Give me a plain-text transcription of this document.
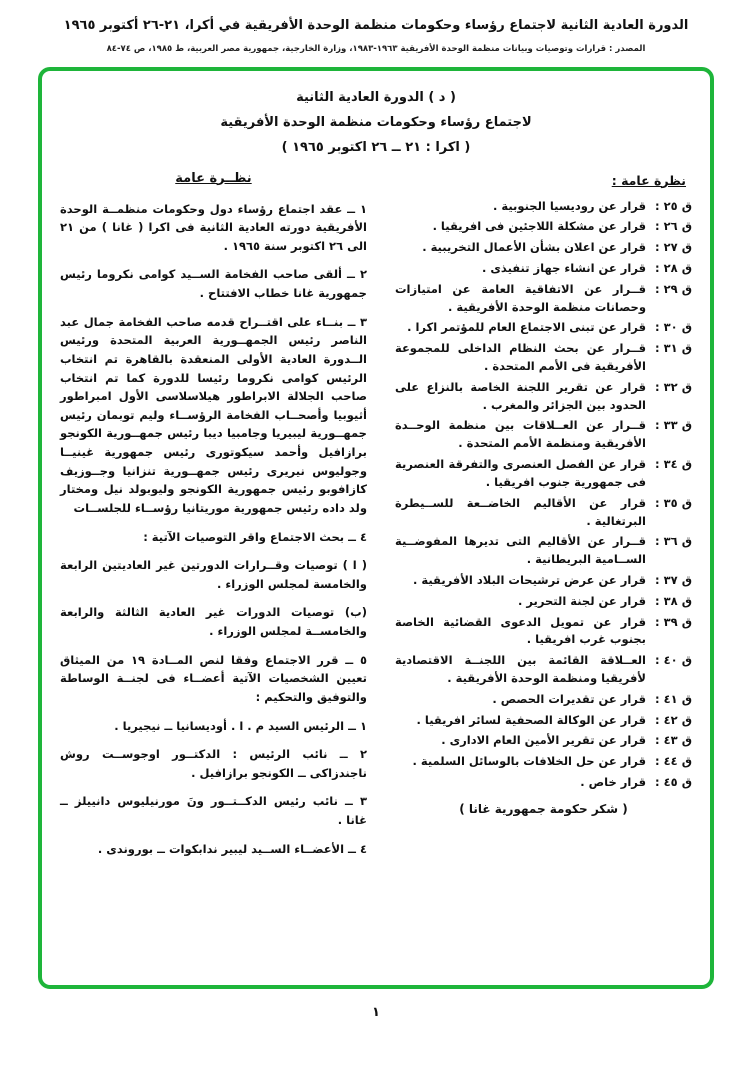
الدورة العادية الثانية لاجتماع رؤساء وحكومات منظمة الوحدة الأفريقية في أكرا، ٢١-٢٦ أكتوبر ١٩٦٥
المصدر : قرارات وتوصيات وبيانات منظمة الوحدة الأفريقية ١٩٦٣-١٩٨٣، وزارة الخارجية، جمهورية مصر العربية، ط ١٩٨٥، ص ٧٤-٨٤
( د ) الدورة العادية الثانية
لاجتماع رؤساء وحكومات منظمة الوحدة الأفريقية
( اكرا : ٢١ ــ ٢٦ اكتوبر ١٩٦٥ )
نظرة عامة :
ق ٢٥ :
قرار عن روديسيا الجنوبية .
ق ٢٦ :
قرار عن مشكلة اللاجئين فى افريقيا .
ق ٢٧ :
قرار عن اعلان بشأن الأعمال التخريبية .
ق ٢٨ :
قرار عن انشاء جهاز تنفيذى .
ق ٢٩ :
قــرار عن الاتفاقية العامة عن امتيازات وحصانات منظمة الوحدة الأفريقية .
ق ٣٠ :
قرار عن تبنى الاجتماع العام للمؤتمر اكرا .
ق ٣١ :
قــرار عن بحث النظام الداخلى للمجموعة الأفريقية فى الأمم المتحدة .
ق ٣٢ :
قرار عن تقرير اللجنة الخاصة بالنزاع على الحدود بين الجزائر والمغرب .
ق ٣٣ :
قــرار عن العــلاقات بين منظمة الوحــدة الأفريقية ومنظمة الأمم المتحدة .
ق ٣٤ :
قرار عن الفصل العنصرى والتفرقة العنصرية فى جمهورية جنوب افريقيا .
ق ٣٥ :
قرار عن الأقاليم الخاضــعة للســيطرة البرتغالية .
ق ٣٦ :
قــرار عن الأقاليم التى تديرها المفوضــية الســامية البريطانية .
ق ٣٧ :
قرار عن عرض ترشيحات البلاد الأفريقية .
ق ٣٨ :
قرار عن لجنة التحرير .
ق ٣٩ :
قرار عن تمويل الدعوى القضائية الخاصة بجنوب غرب افريقيا .
ق ٤٠ :
العــلاقة القائمة بين اللجنــة الاقتصادية لأفريقيا ومنظمة الوحدة الأفريقية .
ق ٤١ :
قرار عن تقديرات الحصص .
ق ٤٢ :
قرار عن الوكالة الصحفية لسائر افريقيا .
ق ٤٣ :
قرار عن تقرير الأمين العام الادارى .
ق ٤٤ :
قرار عن حل الخلافات بالوسائل السلمية .
ق ٤٥ :
قرار خاص .
( شكر حكومة جمهورية غانا )
نظــرة عامة

١ ــ عقد اجتماع رؤساء دول وحكومات منظمــة الوحدة الأفريقية دورته العادية الثانية فى اكرا ( غانا ) من ٢١ الى ٢٦ اكتوبر سنة ١٩٦٥ .

٢ ــ ألقى صاحب الفخامة الســيد كوامى نكروما رئيس جمهورية غانا خطاب الافتتاح .

٣ ــ بنــاء على اقتــراح قدمه صاحب الفخامة جمال عبد الناصر رئيس الجمهــورية العربية المتحدة ورئيس الــدورة العادية الأولى المنعقدة بالقاهرة تم انتخاب الرئيس كوامى نكروما رئيسا للدورة كما تم انتخاب صاحب الجلالة الابراطور هيلاسلاسى الأول امبراطور أثيوبيا وأصحــاب الفخامة الرؤســاء وليم توبمان رئيس جمهــورية ليبيريا وجامبيا ديبا رئيس جمهــورية الكونجو برازافيل وأحمد سيكوتورى رئيس جمهورية غينيــا وجوليوس نيريرى رئيس جمهــورية تنزانيا وجــوزيف كازافوبو رئيس جمهورية الكونجو وليوبولد نيل ومختار ولد داده رئيس جمهورية موريتانيا رؤســاء للجلســات

٤ ــ بحث الاجتماع واقر التوصيات الآتية :

( ا ) توصيات وقــرارات الدورتين غير العاديتين الرابعة والخامسة لمجلس الوزراء .

(ب) توصيات الدورات غير العادية الثالثة والرابعة والخامســة لمجلس الوزراء .

٥ ــ قرر الاجتماع وفقا لنص المــادة ١٩ من الميثاق تعيين الشخصيات الآتية أعضــاء فى لجنــة الوساطة والتوفيق والتحكيم :

١ ــ الرئيس السيد م . ا . أوديسانيا ــ نيجيريا .

٢ ــ نائب الرئيس : الدكتــور اوجوســت روش ناجندزاكى ــ الكونجو برازافيل .

٣ ــ نائب رئيس الدكــتــور ونَ مورنيليوس دانييلز ــ غانا .

٤ ــ الأعضــاء الســيد ليبير ندابكوات ــ بوروندى .

١
